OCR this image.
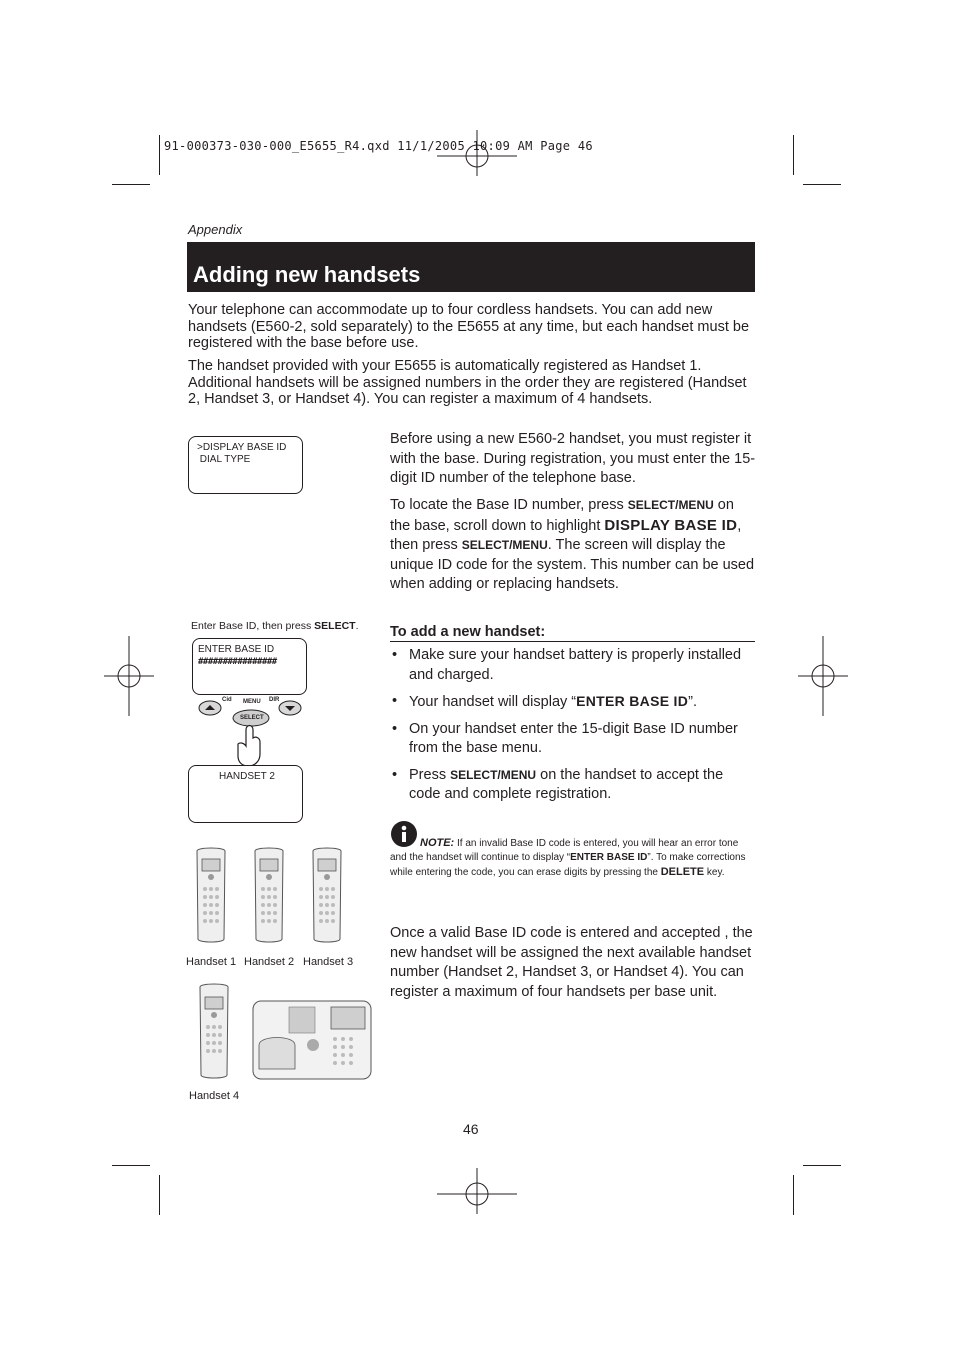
91-000373-030-000_E5655_R4.qxd 11/1/2005 10:09 AM Page 46
Appendix
Adding new handsets
Your telephone can accommodate up to four cordless handsets. You can add new handsets (E560-2, sold separately) to the E5655 at any time, but each handset must be registered with the base before use.
The handset provided with your E5655 is automatically registered as Handset 1. Additional handsets will be assigned numbers in the order they are registered (Handset 2, Handset 3, or Handset 4). You can register a maximum of 4 handsets.
>DISPLAY BASE ID
DIAL TYPE
Before using a new E560-2 handset, you must register it with the base. During registration, you must enter the 15-digit ID number of the telephone base.
To locate the Base ID number, press SELECT/MENU on the base, scroll down to highlight DISPLAY BASE ID, then press SELECT/MENU. The screen will display the unique ID code for the system. This number can be used when adding or replacing handsets.
Enter Base ID, then press SELECT.
ENTER BASE ID
################
Cid MENU DIR
SELECT
HANDSET 2
To add a new handset:
• Make sure your handset battery is properly installed and charged.
• Your handset will display “ENTER BASE ID”.
• On your handset enter the 15-digit Base ID number from the base menu.
• Press SELECT/MENU on the handset to accept the code and complete registration.
NOTE: If an invalid Base ID code is entered, you will hear an error tone and the handset will continue to display “ENTER BASE ID”. To make corrections while entering the code, you can erase digits by pressing the DELETE key.
Once a valid Base ID code is entered and accepted , the new handset will be assigned the next available handset number (Handset 2, Handset 3, or Handset 4). You can register a maximum of four handsets per base unit.
Handset 1 Handset 2 Handset 3
Handset 4
46
